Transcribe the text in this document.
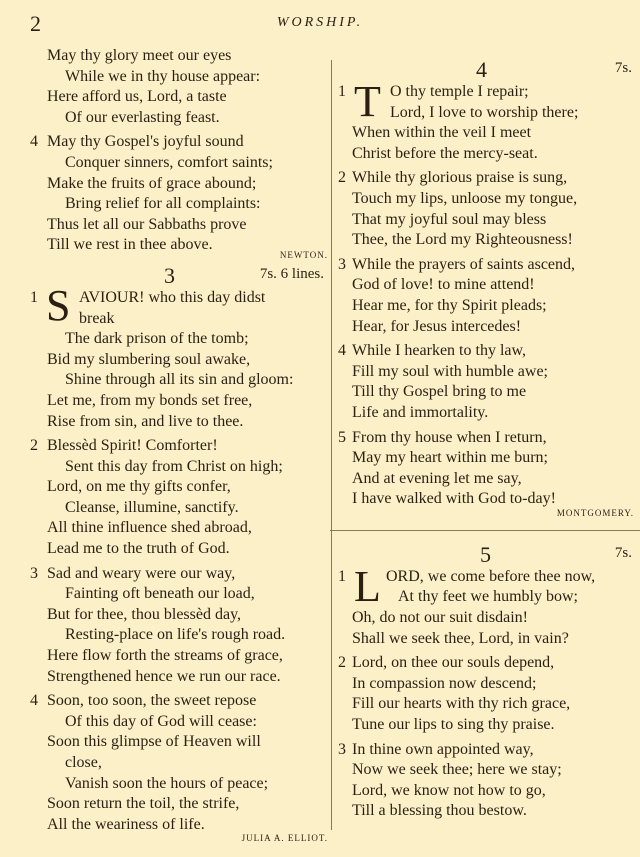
2	WORSHIP.
May thy glory meet our eyes
While we in thy house appear:
Here afford us, Lord, a taste
Of our everlasting feast.
4 May thy Gospel's joyful sound
Conquer sinners, comfort saints;
Make the fruits of grace abound;
Bring relief for all complaints:
Thus let all our Sabbaths prove
Till we rest in thee above.
NEWTON.
3	7s. 6 lines.
1 S AVIOUR! who this day didst
break
The dark prison of the tomb;
Bid my slumbering soul awake,
Shine through all its sin and gloom:
Let me, from my bonds set free,
Rise from sin, and live to thee.
2 Blessèd Spirit! Comforter!
Sent this day from Christ on high;
Lord, on me thy gifts confer,
Cleanse, illumine, sanctify.
All thine influence shed abroad,
Lead me to the truth of God.
3 Sad and weary were our way,
Fainting oft beneath our load,
But for thee, thou blessèd day,
Resting-place on life's rough road.
Here flow forth the streams of grace,
Strengthened hence we run our race.
4 Soon, too soon, the sweet repose
Of this day of God will cease:
Soon this glimpse of Heaven will
close,
Vanish soon the hours of peace;
Soon return the toil, the strife,
All the weariness of life.
JULIA A. ELLIOT.
4	7s.
1 T O thy temple I repair;
Lord, I love to worship there;
When within the veil I meet
Christ before the mercy-seat.
2 While thy glorious praise is sung,
Touch my lips, unloose my tongue,
That my joyful soul may bless
Thee, the Lord my Righteousness!
3 While the prayers of saints ascend,
God of love! to mine attend!
Hear me, for thy Spirit pleads;
Hear, for Jesus intercedes!
4 While I hearken to thy law,
Fill my soul with humble awe;
Till thy Gospel bring to me
Life and immortality.
5 From thy house when I return,
May my heart within me burn;
And at evening let me say,
I have walked with God to-day!
MONTGOMERY.
5	7s.
1 L ORD, we come before thee now,
At thy feet we humbly bow;
Oh, do not our suit disdain!
Shall we seek thee, Lord, in vain?
2 Lord, on thee our souls depend,
In compassion now descend;
Fill our hearts with thy rich grace,
Tune our lips to sing thy praise.
3 In thine own appointed way,
Now we seek thee; here we stay;
Lord, we know not how to go,
Till a blessing thou bestow.
